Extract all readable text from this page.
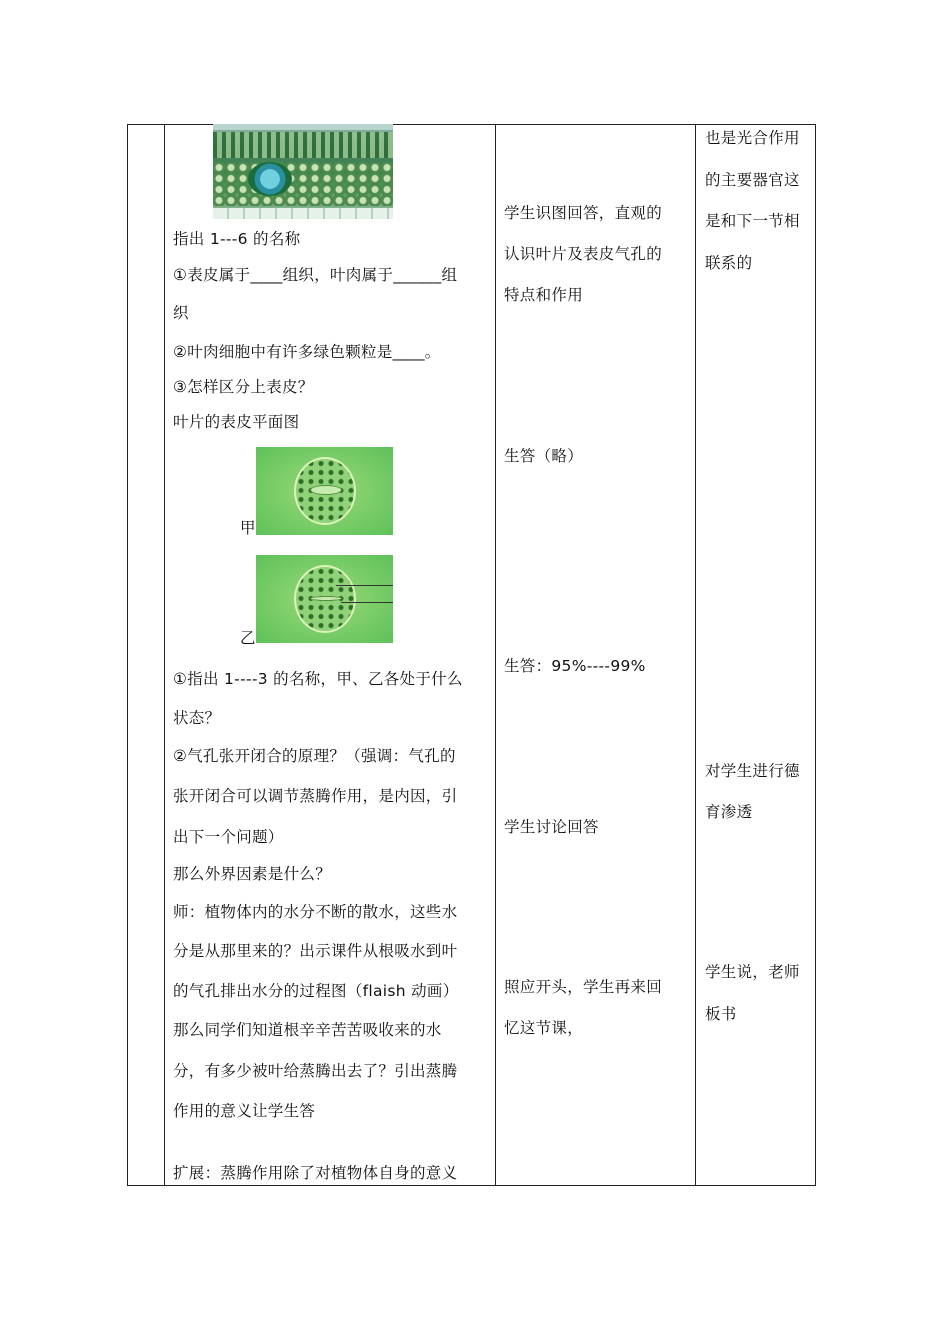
指出 1---6 的名称
①表皮属于____组织，叶肉属于______组
织
②叶肉细胞中有许多绿色颗粒是____。
③怎样区分上表皮？
叶片的表皮平面图
甲
乙
①指出 1----3 的名称，甲、乙各处于什么
状态？
②气孔张开闭合的原理？（强调：气孔的
张开闭合可以调节蒸腾作用，是内因，引
出下一个问题）
那么外界因素是什么？
师：植物体内的水分不断的散水，这些水
分是从那里来的？出示课件从根吸水到叶
的气孔排出水分的过程图（flaish 动画）
那么同学们知道根辛辛苦苦吸收来的水
分，有多少被叶给蒸腾出去了？引出蒸腾
作用的意义让学生答
扩展：蒸腾作用除了对植物体自身的意义
学生识图回答，直观的
认识叶片及表皮气孔的
特点和作用
生答（略）
生答：95%----99%
学生讨论回答
照应开头，学生再来回
忆这节课，
也是光合作用
的主要器官这
是和下一节相
联系的
对学生进行德
育渗透
学生说，老师
板书
